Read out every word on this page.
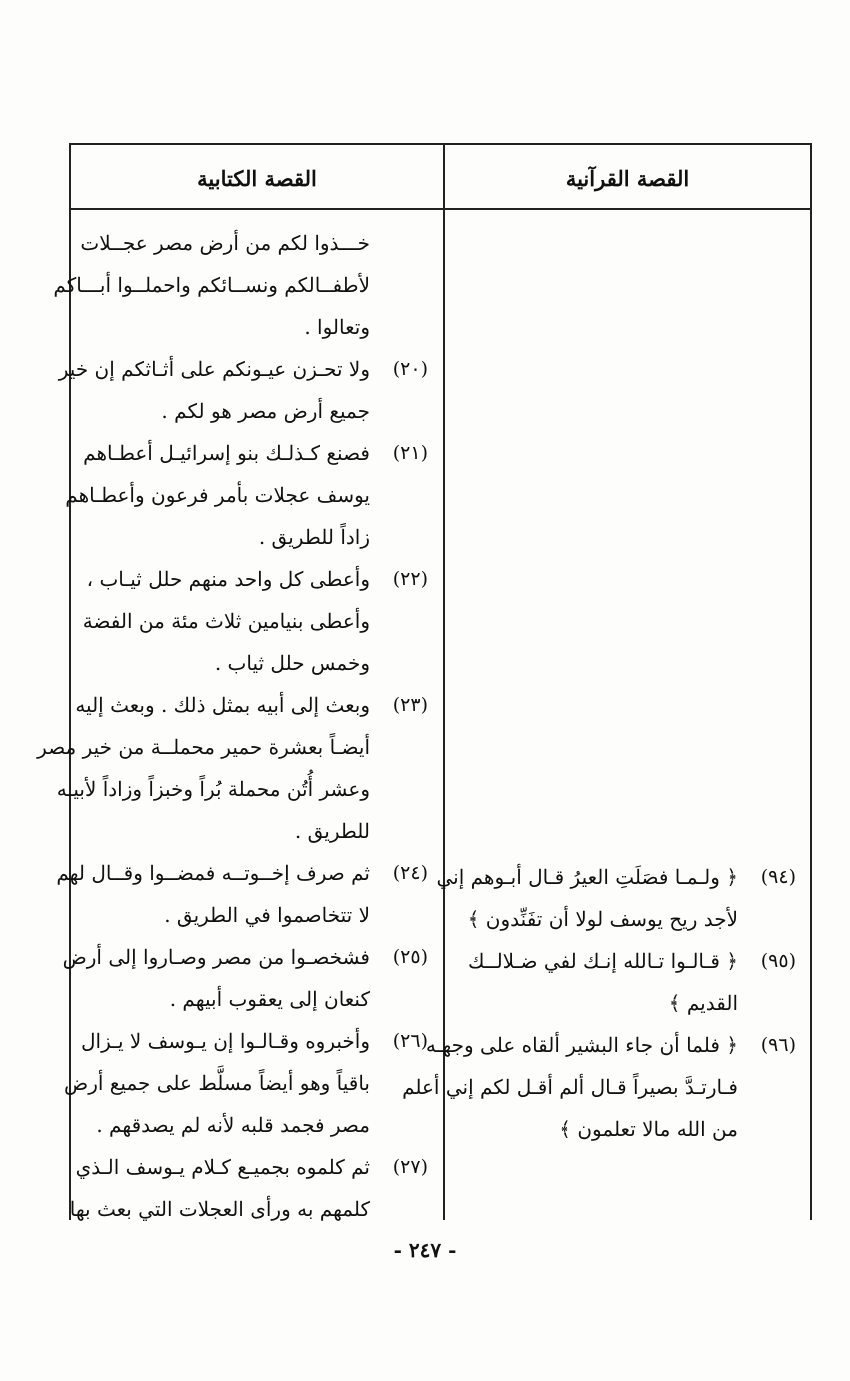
القصة الكتابية	القصة القرآنية
خـــذوا لكم من أرض مصر عجــلات
لأطفــالكم ونســائكم واحملــوا أبـــاكم
وتعالوا .
(٢٠)
ولا تحـزن عيـونكم على أثـاثكم إن خير
جميع أرض مصر هو لكم .
(٢١)
فصنع كـذلـك بنو إسرائيـل أعطـاهم
يوسف عجلات بأمر فرعون وأعطـاهم
زاداً للطريق .
(٢٢)
وأعطى كل واحد منهم حلل ثيـاب ،
وأعطى بنيامين ثلاث مئة من الفضة
وخمس حلل ثياب .
(٢٣)
وبعث إلى أبيه بمثل ذلك . وبعث إليه
أيضـاً بعشرة حمير محملــة من خير مصر
وعشر أُتُن محملة بُراً وخبزاً وزاداً لأبيـه
للطريق .
(٢٤)
ثم صرف إخــوتــه فمضــوا وقــال لهم
لا تتخاصموا في الطريق .
(٢٥)
فشخصـوا من مصر وصـاروا إلى أرض
كنعان إلى يعقوب أبيهم .
(٢٦)
وأخبروه وقـالـوا إن يـوسف لا يـزال
باقياً وهو أيضاً مسلَّط على جميع أرض
مصر فجمد قلبه لأنه لم يصدقهم .
(٢٧)
ثم كلموه بجميـع كـلام يـوسف الـذي
كلمهم به ورأى العجلات التي بعث بها
(٩٤)
﴿ ولـمـا فصَلَتِ العيرُ قـال أبـوهم إني
لأجد ريح يوسف لولا أن تفَنِّدون ﴾
(٩٥)
﴿ قـالـوا تـالله إنـك لفي ضـلالــك
القديم ﴾
(٩٦)
﴿ فلما أن جاء البشير ألقاه على وجهـه
فـارتـدَّ بصيراً قـال ألم أقـل لكم إني أعلم
من الله مالا تعلمون ﴾
- ٢٤٧ -
